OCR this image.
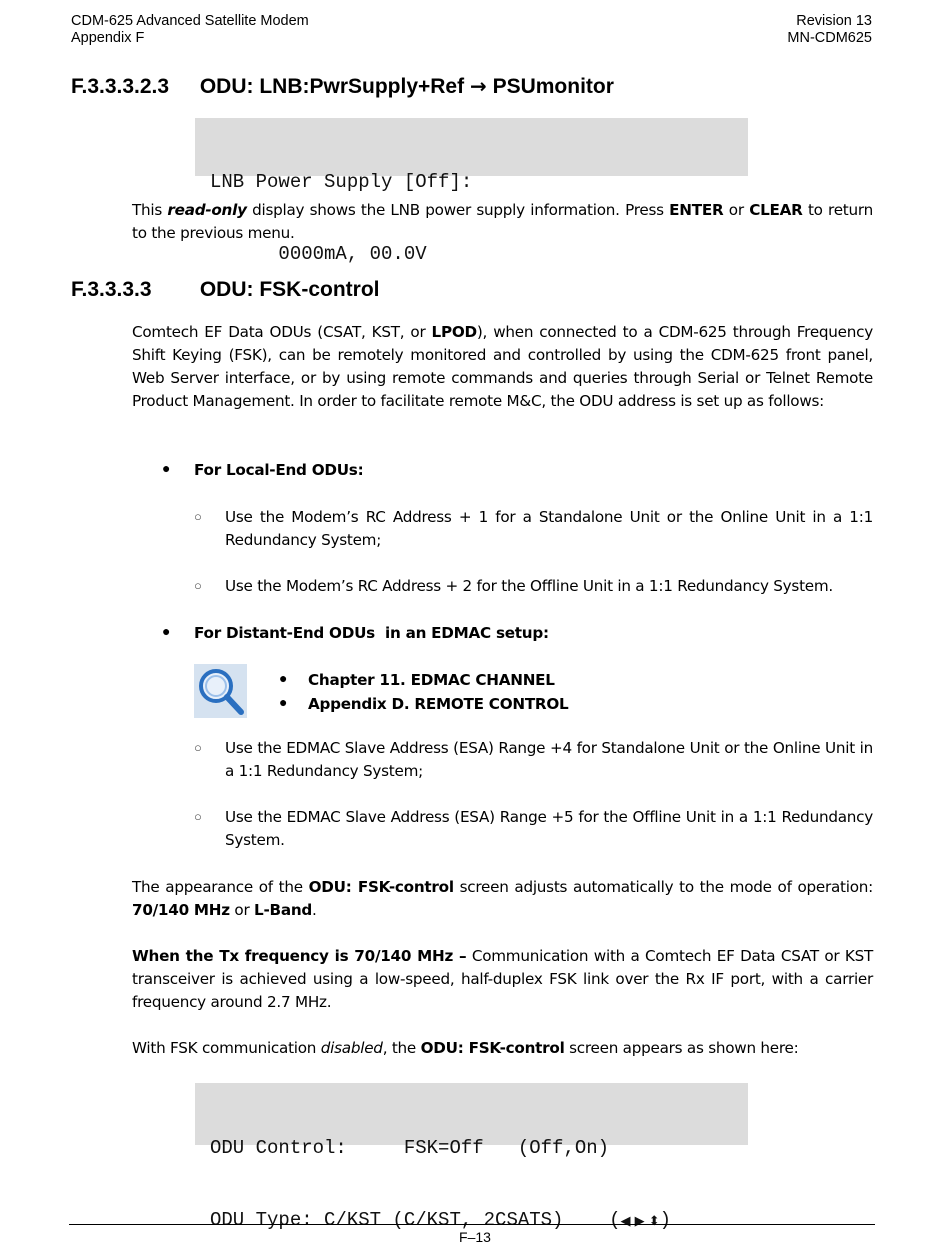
CDM-625 Advanced Satellite Modem
Appendix F
Revision 13
MN-CDM625
F.3.3.3.2.3 ODU: LNB:PwrSupply+Ref → PSUmonitor

LNB Power Supply [Off]:

0000mA, 00.0V

This read-only display shows the LNB power supply information. Press ENTER or CLEAR to return to the previous menu.
F.3.3.3.3 ODU: FSK-control
Comtech EF Data ODUs (CSAT, KST, or LPOD), when connected to a CDM-625 through Frequency Shift Keying (FSK), can be remotely monitored and controlled by using the CDM-625 front panel, Web Server interface, or by using remote commands and queries through Serial or Telnet Remote Product Management. In order to facilitate remote M&C, the ODU address is set up as follows:
● For Local-End ODUs:
○ Use the Modem’s RC Address + 1 for a Standalone Unit or the Online Unit in a 1:1 Redundancy System;
○ Use the Modem’s RC Address + 2 for the Offline Unit in a 1:1 Redundancy System.
● For Distant-End ODUs  in an EDMAC setup:
● Chapter 11. EDMAC CHANNEL
● Appendix D. REMOTE CONTROL
○ Use the EDMAC Slave Address (ESA) Range +4 for Standalone Unit or the Online Unit in a 1:1 Redundancy System;
○ Use the EDMAC Slave Address (ESA) Range +5 for the Offline Unit in a 1:1 Redundancy System.
The appearance of the ODU: FSK-control screen adjusts automatically to the mode of operation: 70/140 MHz or L-Band.
When the Tx frequency is 70/140 MHz – Communication with a Comtech EF Data CSAT or KST transceiver is achieved using a low-speed, half-duplex FSK link over the Rx IF port, with a carrier frequency around 2.7 MHz.
With FSK communication disabled, the ODU: FSK-control screen appears as shown here:

ODU Control:     FSK=Off   (Off,On)

ODU Type: C/KST (C/KST, 2CSATS)    (◀ ▶ ⬍)

F–13
